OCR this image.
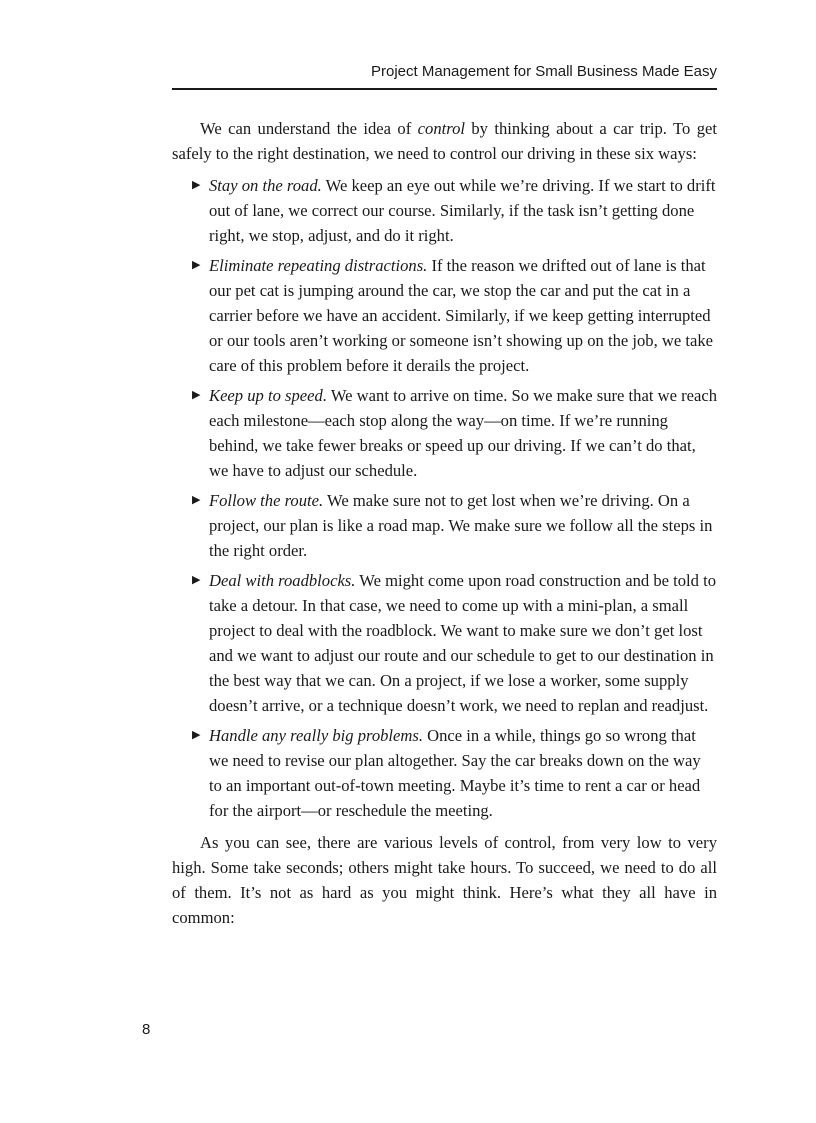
Project Management for Small Business Made Easy

We can understand the idea of control by thinking about a car trip. To get safely to the right destination, we need to control our driving in these six ways:

▶ Stay on the road. We keep an eye out while we’re driving. If we start to drift out of lane, we correct our course. Similarly, if the task isn’t getting done right, we stop, adjust, and do it right.
▶ Eliminate repeating distractions. If the reason we drifted out of lane is that our pet cat is jumping around the car, we stop the car and put the cat in a carrier before we have an accident. Similarly, if we keep getting interrupted or our tools aren’t working or someone isn’t showing up on the job, we take care of this problem before it derails the project.
▶ Keep up to speed. We want to arrive on time. So we make sure that we reach each milestone—each stop along the way—on time. If we’re running behind, we take fewer breaks or speed up our driving. If we can’t do that, we have to adjust our schedule.
▶ Follow the route. We make sure not to get lost when we’re driving. On a project, our plan is like a road map. We make sure we follow all the steps in the right order.
▶ Deal with roadblocks. We might come upon road construction and be told to take a detour. In that case, we need to come up with a mini-plan, a small project to deal with the roadblock. We want to make sure we don’t get lost and we want to adjust our route and our schedule to get to our destination in the best way that we can. On a project, if we lose a worker, some supply doesn’t arrive, or a technique doesn’t work, we need to replan and readjust.
▶ Handle any really big problems. Once in a while, things go so wrong that we need to revise our plan altogether. Say the car breaks down on the way to an important out-of-town meeting. Maybe it’s time to rent a car or head for the airport—or reschedule the meeting.

As you can see, there are various levels of control, from very low to very high. Some take seconds; others might take hours. To succeed, we need to do all of them. It’s not as hard as you might think. Here’s what they all have in common:

8
